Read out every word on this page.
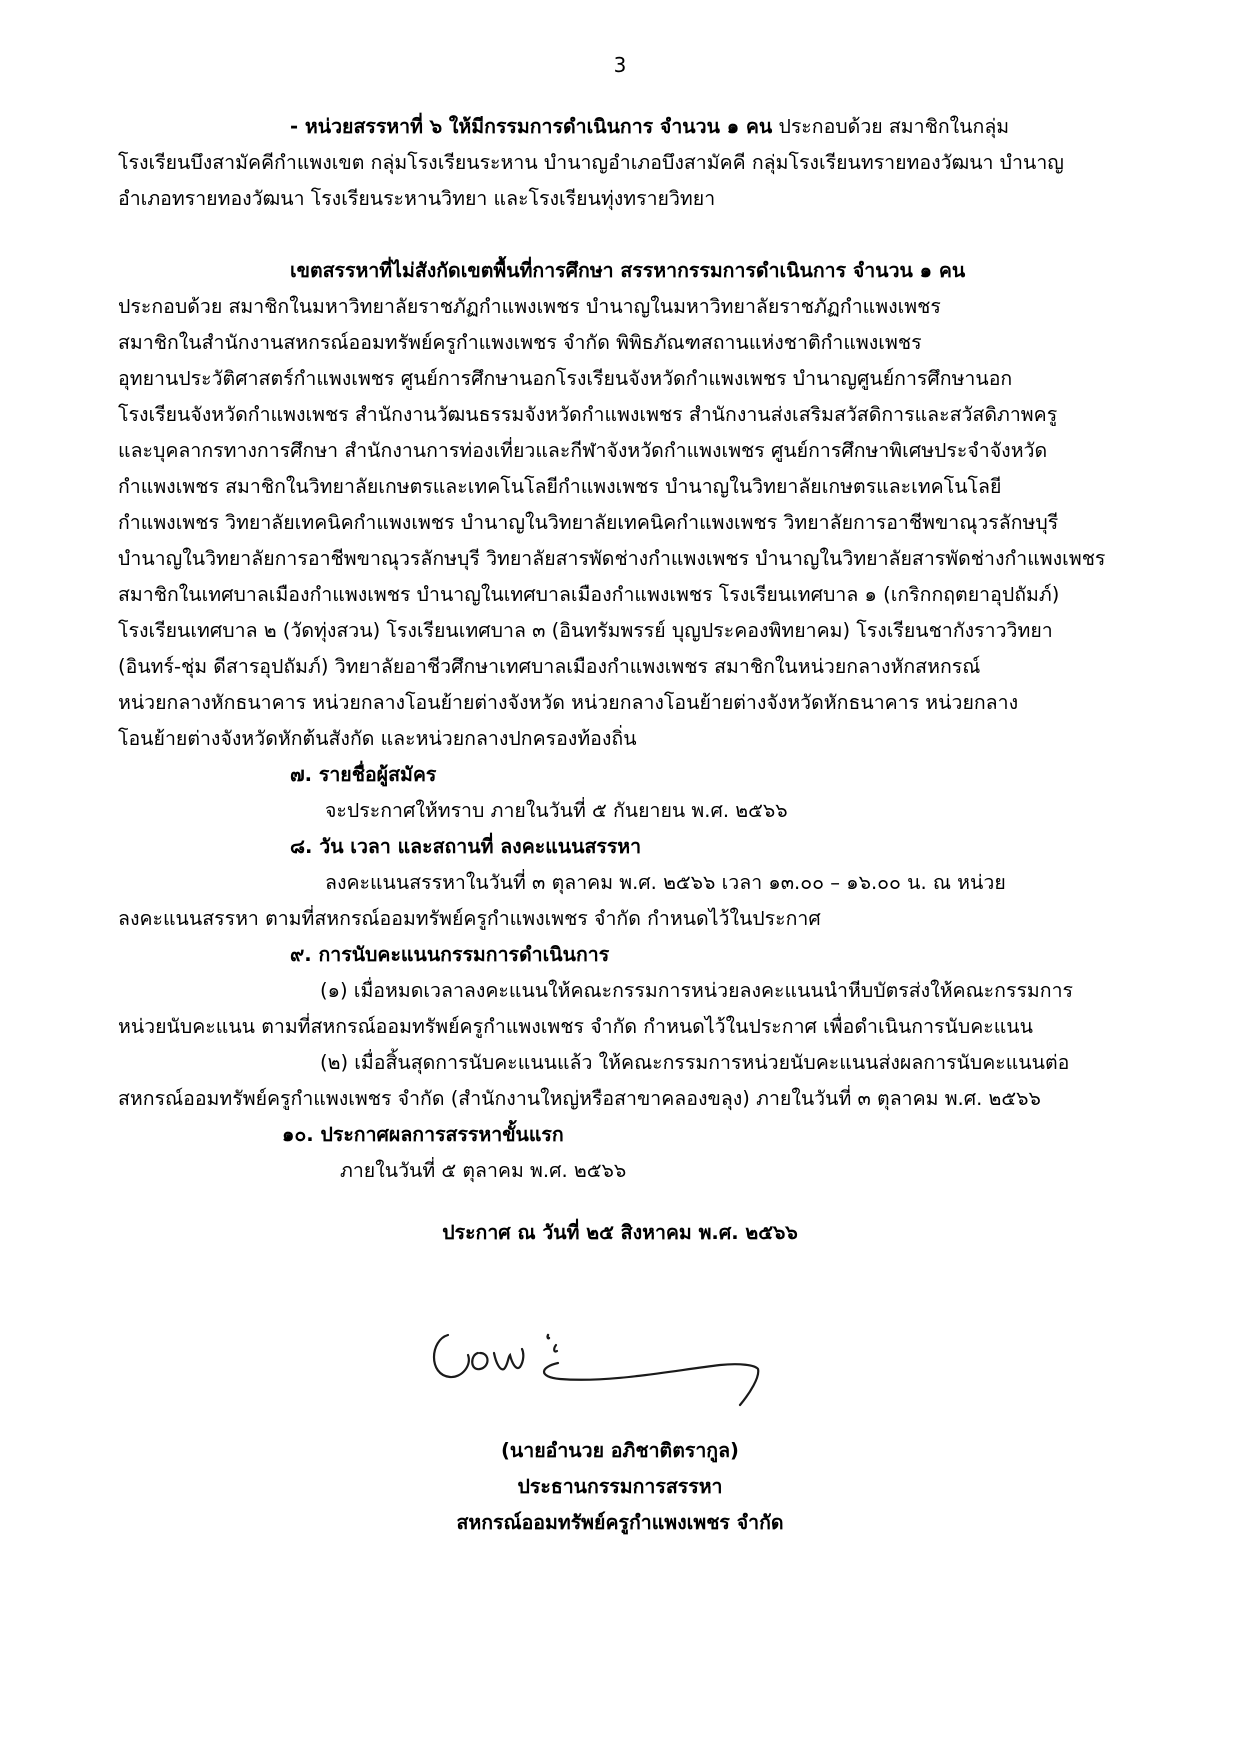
3
- หน่วยสรรหาที่ ๖ ให้มีกรรมการดำเนินการ จำนวน ๑ คน ประกอบด้วย สมาชิกในกลุ่ม
โรงเรียนบึงสามัคคีกำแพงเขต กลุ่มโรงเรียนระหาน บำนาญอำเภอบึงสามัคคี กลุ่มโรงเรียนทรายทองวัฒนา บำนาญ
อำเภอทรายทองวัฒนา โรงเรียนระหานวิทยา และโรงเรียนทุ่งทรายวิทยา
เขตสรรหาที่ไม่สังกัดเขตพื้นที่การศึกษา สรรหากรรมการดำเนินการ จำนวน ๑ คน
ประกอบด้วย สมาชิกในมหาวิทยาลัยราชภัฏกำแพงเพชร บำนาญในมหาวิทยาลัยราชภัฏกำแพงเพชร
สมาชิกในสำนักงานสหกรณ์ออมทรัพย์ครูกำแพงเพชร จำกัด พิพิธภัณฑสถานแห่งชาติกำแพงเพชร
อุทยานประวัติศาสตร์กำแพงเพชร ศูนย์การศึกษานอกโรงเรียนจังหวัดกำแพงเพชร บำนาญศูนย์การศึกษานอก
โรงเรียนจังหวัดกำแพงเพชร สำนักงานวัฒนธรรมจังหวัดกำแพงเพชร สำนักงานส่งเสริมสวัสดิการและสวัสดิภาพครู
และบุคลากรทางการศึกษา สำนักงานการท่องเที่ยวและกีฬาจังหวัดกำแพงเพชร ศูนย์การศึกษาพิเศษประจำจังหวัด
กำแพงเพชร สมาชิกในวิทยาลัยเกษตรและเทคโนโลยีกำแพงเพชร บำนาญในวิทยาลัยเกษตรและเทคโนโลยี
กำแพงเพชร วิทยาลัยเทคนิคกำแพงเพชร บำนาญในวิทยาลัยเทคนิคกำแพงเพชร วิทยาลัยการอาชีพขาณุวรลักษบุรี
บำนาญในวิทยาลัยการอาชีพขาณุวรลักษบุรี วิทยาลัยสารพัดช่างกำแพงเพชร บำนาญในวิทยาลัยสารพัดช่างกำแพงเพชร
สมาชิกในเทศบาลเมืองกำแพงเพชร บำนาญในเทศบาลเมืองกำแพงเพชร โรงเรียนเทศบาล ๑ (เกริกกฤตยาอุปถัมภ์)
โรงเรียนเทศบาล ๒ (วัดทุ่งสวน) โรงเรียนเทศบาล ๓ (อินทรัมพรรย์ บุญประคองพิทยาคม) โรงเรียนชากังราววิทยา
(อินทร์-ชุ่ม ดีสารอุปถัมภ์) วิทยาลัยอาชีวศึกษาเทศบาลเมืองกำแพงเพชร สมาชิกในหน่วยกลางหักสหกรณ์
หน่วยกลางหักธนาคาร หน่วยกลางโอนย้ายต่างจังหวัด หน่วยกลางโอนย้ายต่างจังหวัดหักธนาคาร หน่วยกลาง
โอนย้ายต่างจังหวัดหักต้นสังกัด และหน่วยกลางปกครองท้องถิ่น
๗. รายชื่อผู้สมัคร
จะประกาศให้ทราบ ภายในวันที่ ๕ กันยายน พ.ศ. ๒๕๖๖
๘. วัน เวลา และสถานที่ ลงคะแนนสรรหา
ลงคะแนนสรรหาในวันที่ ๓ ตุลาคม พ.ศ. ๒๕๖๖ เวลา ๑๓.๐๐ – ๑๖.๐๐ น. ณ หน่วย
ลงคะแนนสรรหา ตามที่สหกรณ์ออมทรัพย์ครูกำแพงเพชร จำกัด กำหนดไว้ในประกาศ
๙. การนับคะแนนกรรมการดำเนินการ
(๑) เมื่อหมดเวลาลงคะแนนให้คณะกรรมการหน่วยลงคะแนนนำหีบบัตรส่งให้คณะกรรมการ
หน่วยนับคะแนน ตามที่สหกรณ์ออมทรัพย์ครูกำแพงเพชร จำกัด กำหนดไว้ในประกาศ เพื่อดำเนินการนับคะแนน
(๒) เมื่อสิ้นสุดการนับคะแนนแล้ว ให้คณะกรรมการหน่วยนับคะแนนส่งผลการนับคะแนนต่อ
สหกรณ์ออมทรัพย์ครูกำแพงเพชร จำกัด (สำนักงานใหญ่หรือสาขาคลองขลุง) ภายในวันที่ ๓ ตุลาคม พ.ศ. ๒๕๖๖
๑๐. ประกาศผลการสรรหาขั้นแรก
ภายในวันที่ ๕ ตุลาคม พ.ศ. ๒๕๖๖
ประกาศ ณ วันที่ ๒๕ สิงหาคม พ.ศ. ๒๕๖๖
(นายอำนวย อภิชาติตรากูล)
ประธานกรรมการสรรหา
สหกรณ์ออมทรัพย์ครูกำแพงเพชร จำกัด
